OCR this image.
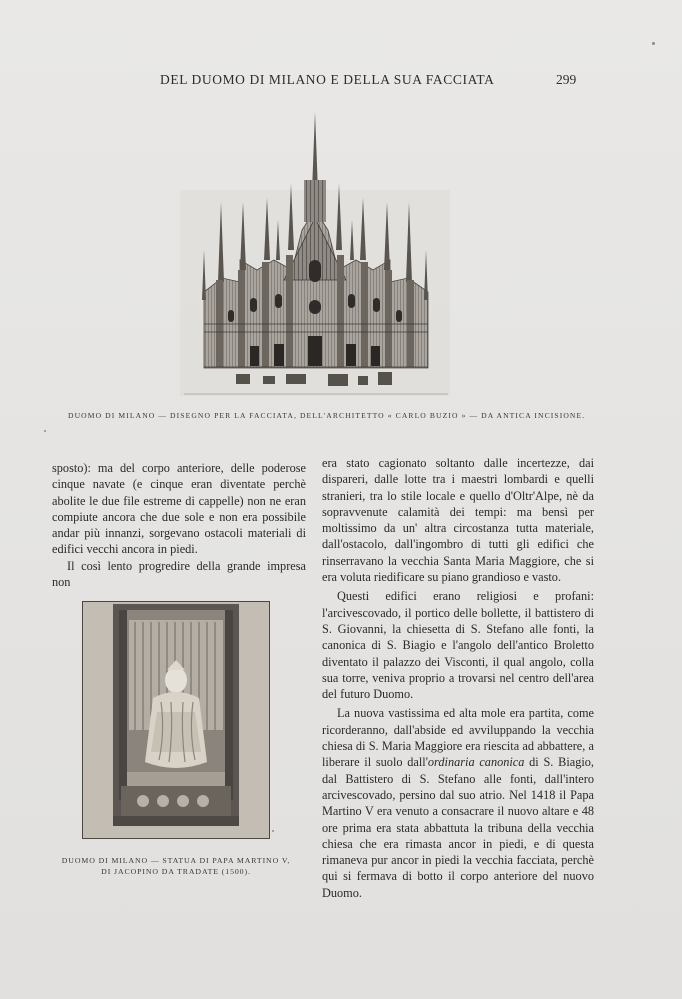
DEL DUOMO DI MILANO E DELLA SUA FACCIATA	299
DUOMO DI MILANO — DISEGNO PER LA FACCIATA, DELL'ARCHITETTO « CARLO BUZIO » — DA ANTICA INCISIONE.

sposto): ma del corpo anteriore, delle poderose cinque navate (e cinque eran diventate perchè abolite le due file estreme di cappelle) non ne eran compiute ancora che due sole e non era possibile andar più innanzi, sorgevano ostacoli materiali di edifici vecchi ancora in piedi.

Il così lento progredire della grande impresa non

DUOMO DI MILANO — STATUA DI PAPA MARTINO V,
DI JACOPINO DA TRADATE (1500).

era stato cagionato soltanto dalle incertezze, dai dispareri, dalle lotte tra i maestri lombardi e quelli stranieri, tra lo stile locale e quello d'Oltr'Alpe, nè da sopravvenute calamità dei tempi: ma bensì per moltissimo da un' altra circostanza tutta materiale, dall'ostacolo, dall'ingombro di tutti gli edifici che rinserravano la vecchia Santa Maria Maggiore, che si era voluta riedificare su piano grandioso e vasto.

Questi edifici erano religiosi e profani: l'arcivescovado, il portico delle bollette, il battistero di S. Giovanni, la chiesetta di S. Stefano alle fonti, la canonica di S. Biagio e l'angolo dell'antico Broletto diventato il palazzo dei Visconti, il qual angolo, colla sua torre, veniva proprio a trovarsi nel centro dell'area del futuro Duomo.

La nuova vastissima ed alta mole era partita, come ricorderanno, dall'abside ed avviluppando la vecchia chiesa di S. Maria Maggiore era riescita ad abbattere, a liberare il suolo dall'ordinaria canonica di S. Biagio, dal Battistero di S. Stefano alle fonti, dall'intero arcivescovado, persino dal suo atrio. Nel 1418 il Papa Martino V era venuto a consacrare il nuovo altare e 48 ore prima era stata abbattuta la tribuna della vecchia chiesa che era rimasta ancor in piedi, e di questa rimaneva pur ancor in piedi la vecchia facciata, perchè qui si fermava di botto il corpo anteriore del nuovo Duomo.
